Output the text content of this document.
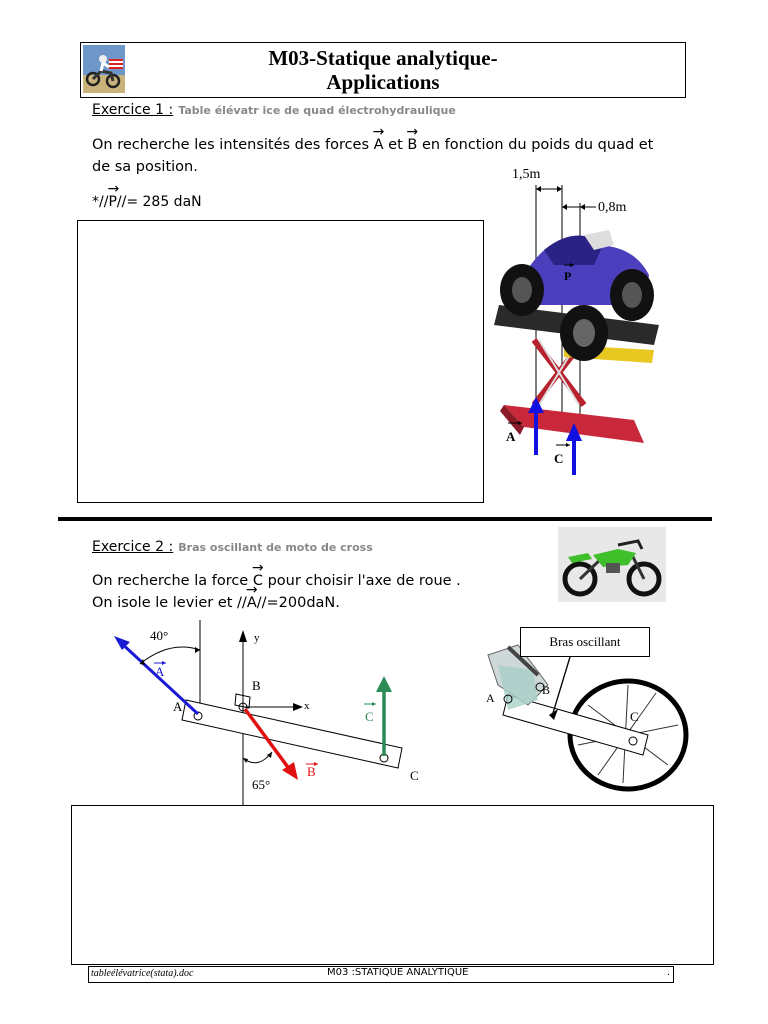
M03-Statique analytique-
Applications
Exercice 1 : Table élévatr ice de quad électrohydraulique
On recherche les intensités des forces → A et → B en fonction du poids du quad et
de sa position.
*//→ P//= 285 daN
1,5m
0,8m
P
A
C
Exercice 2 : Bras oscillant de moto de cross
On recherche la force → C pour choisir l'axe de roue .
On isole le levier et //→ A//=200daN.
40°
65°
y
x
A
B
C
A
B
C
Bras oscillant
A
B
C
tableélévatrice(stata).doc	M03 :STATIQUE ANALYTIQUE	.
